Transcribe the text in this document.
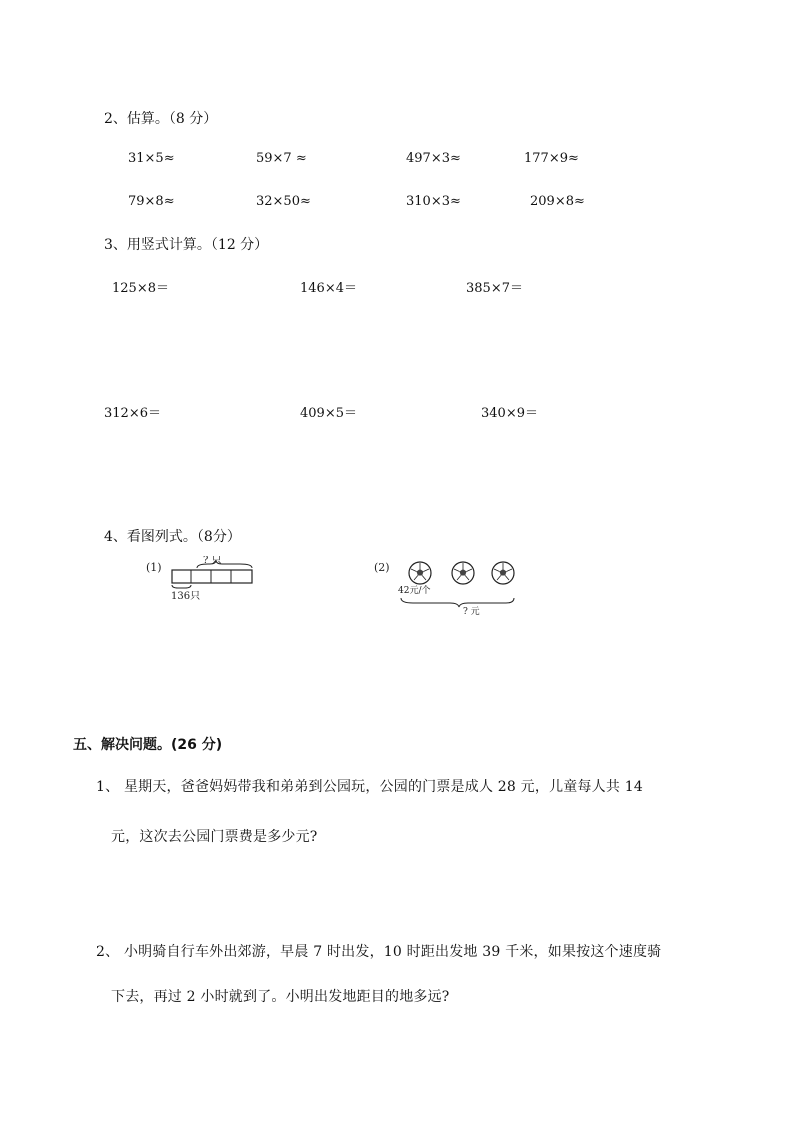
2、估算。（8 分）
31×5≈	59×7 ≈	497×3≈	177×9≈
79×8≈	32×50≈	310×3≈	209×8≈
3、用竖式计算。（12 分）
125×8＝	146×4＝	385×7＝
312×6＝	409×5＝	340×9＝
4、看图列式。（8分）
(1)
? 只
136只
(2)
42元/个
? 元
五、解决问题。(26 分)
1、 星期天，爸爸妈妈带我和弟弟到公园玩，公园的门票是成人 28 元，儿童每人共 14
元，这次去公园门票费是多少元?
2、 小明骑自行车外出郊游，早晨 7 时出发，10 时距出发地 39 千米，如果按这个速度骑
下去，再过 2 小时就到了。小明出发地距目的地多远?
